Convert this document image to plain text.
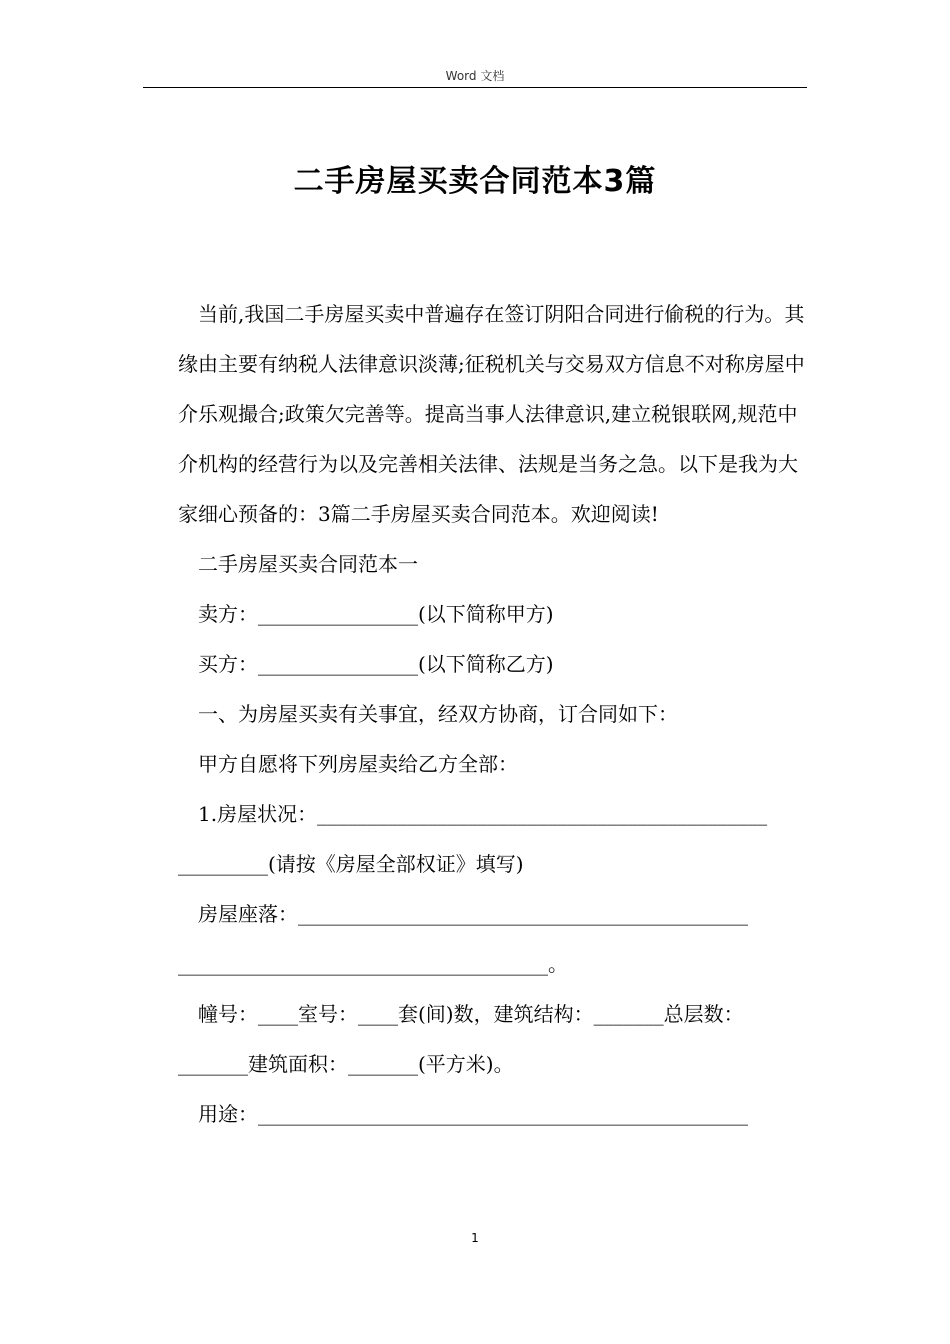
Word 文档
二手房屋买卖合同范本3篇

当前,我国二手房屋买卖中普遍存在签订阴阳合同进行偷税的行为。其缘由主要有纳税人法律意识淡薄;征税机关与交易双方信息不对称房屋中介乐观撮合;政策欠完善等。提高当事人法律意识,建立税银联网,规范中介机构的经营行为以及完善相关法律、法规是当务之急。以下是我为大家细心预备的：3篇二手房屋买卖合同范本。欢迎阅读!

二手房屋买卖合同范本一

卖方：________________(以下简称甲方)

买方：________________(以下简称乙方)

一、为房屋买卖有关事宜，经双方协商，订合同如下：

甲方自愿将下列房屋卖给乙方全部：

1.房屋状况：_____________________________________________

_________(请按《房屋全部权证》填写)

房屋座落：_____________________________________________

_____________________________________。

幢号：____室号：____套(间)数，建筑结构：_______总层数：_______建筑面积：_______(平方米)。

用途：_________________________________________________

1
